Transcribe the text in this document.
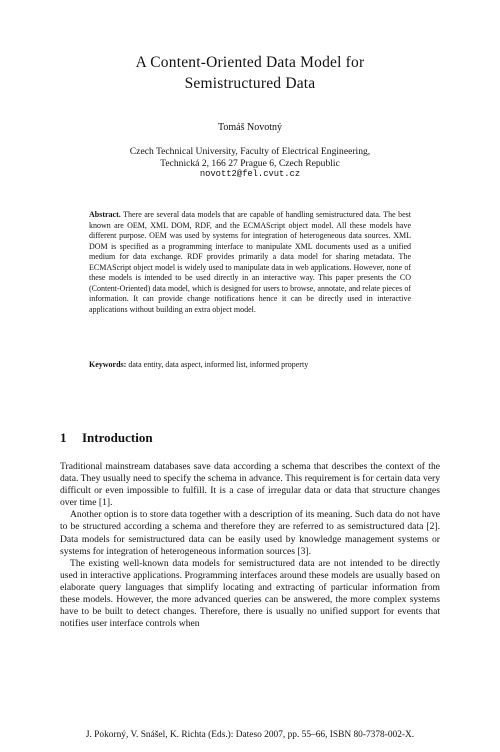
A Content-Oriented Data Model for
Semistructured Data
Tomáš Novotný
Czech Technical University, Faculty of Electrical Engineering,
Technická 2, 166 27 Prague 6, Czech Republic
novott2@fel.cvut.cz
Abstract. There are several data models that are capable of handling semistructured data. The best known are OEM, XML DOM, RDF, and the ECMAScript object model. All these models have different purpose. OEM was used by systems for integration of heterogeneous data sources. XML DOM is specified as a programming interface to manipulate XML documents used as a unified medium for data exchange. RDF provides primarily a data model for sharing metadata. The ECMAScript object model is widely used to manipulate data in web applications. However, none of these models is intended to be used directly in an interactive way. This paper presents the CO (Content-Oriented) data model, which is designed for users to browse, annotate, and relate pieces of information. It can provide change notifications hence it can be directly used in interactive applications without building an extra object model.
Keywords: data entity, data aspect, informed list, informed property
1 Introduction

Traditional mainstream databases save data according a schema that describes the context of the data. They usually need to specify the schema in advance. This requirement is for certain data very difficult or even impossible to fulfill. It is a case of irregular data or data that structure changes over time [1].

Another option is to store data together with a description of its meaning. Such data do not have to be structured according a schema and therefore they are referred to as semistructured data [2]. Data models for semistructured data can be easily used by knowledge management systems or systems for integration of heterogeneous information sources [3].

The existing well-known data models for semistructured data are not intended to be directly used in interactive applications. Programming interfaces around these models are usually based on elaborate query languages that simplify locating and extracting of particular information from these models. However, the more advanced queries can be answered, the more complex systems have to be built to detect changes. Therefore, there is usually no unified support for events that notifies user interface controls when

J. Pokorný, V. Snášel, K. Richta (Eds.): Dateso 2007, pp. 55–66, ISBN 80-7378-002-X.
